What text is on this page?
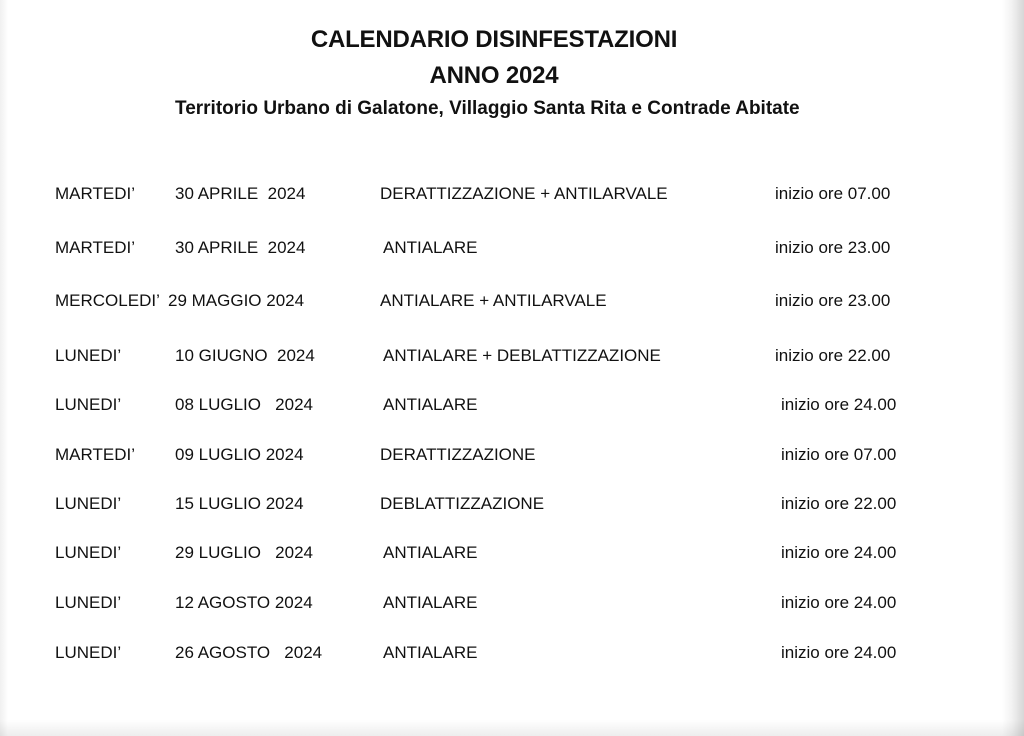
CALENDARIO DISINFESTAZIONI
ANNO 2024
Territorio Urbano di Galatone, Villaggio Santa Rita e Contrade Abitate
MARTEDI’ 30 APRILE  2024	DERATTIZZAZIONE + ANTILARVALE	inizio ore 07.00
MARTEDI’ 30 APRILE  2024	ANTIALARE	inizio ore 23.00
MERCOLEDI’ 29 MAGGIO 2024	ANTIALARE + ANTILARVALE	inizio ore 23.00
LUNEDI’	10 GIUGNO  2024	ANTIALARE + DEBLATTIZZAZIONE	inizio ore 22.00
LUNEDI’	08 LUGLIO   2024	ANTIALARE	inizio ore 24.00
MARTEDI’ 09 LUGLIO 2024	DERATTIZZAZIONE	inizio ore 07.00
LUNEDI’	15 LUGLIO 2024	DEBLATTIZZAZIONE	inizio ore 22.00
LUNEDI’	29 LUGLIO   2024	ANTIALARE	inizio ore 24.00
LUNEDI’	12 AGOSTO 2024	ANTIALARE	inizio ore 24.00
LUNEDI’	26 AGOSTO   2024	ANTIALARE	inizio ore 24.00
